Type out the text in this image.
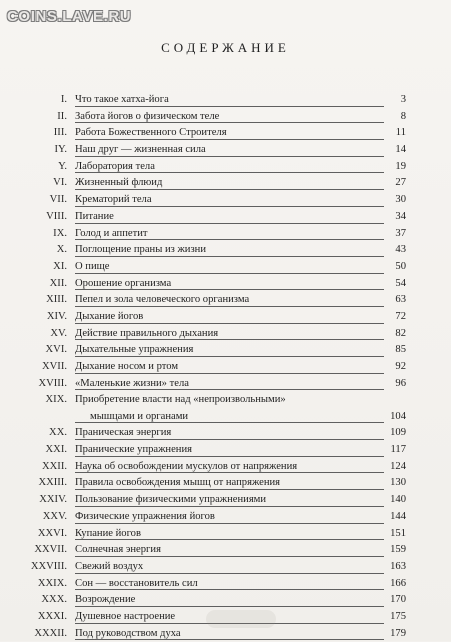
COINS.LAVE.RU
СОДЕРЖАНИЕ
I. Что такое хатха-йога	3
II. Забота йогов о физическом теле	8
III. Работа Божественного Строителя	11
IY. Наш друг — жизненная сила	14
Y. Лаборатория тела	19
VI. Жизненный флюид	27
VII. Крематорий тела	30
VIII. Питание	34
IX. Голод и аппетит	37
X. Поглощение праны из жизни	43
XI. О пище	50
XII. Орошение организма	54
XIII. Пепел и зола человеческого организма	63
XIV. Дыхание йогов	72
XV. Действие правильного дыхания	82
XVI. Дыхательные упражнения	85
XVII. Дыхание носом и ртом	92
XVIII. «Маленькие жизни» тела	96
XIX. Приобретение власти над «непроизвольными»
мышцами и органами	104
XX. Праническая энергия	109
XXI. Пранические упражнения	117
XXII. Наука об освобождении мускулов от напряжения	124
XXIII. Правила освобождения мышц от напряжения	130
XXIV. Пользование физическими упражнениями	140
XXV. Физические упражнения йогов	144
XXVI. Купание йогов	151
XXVII. Солнечная энергия	159
XXVIII. Свежий воздух	163
XXIX. Сон — восстановитель сил	166
XXX. Возрождение	170
XXXI. Душевное настроение	175
XXXII. Под руководством духа	179
